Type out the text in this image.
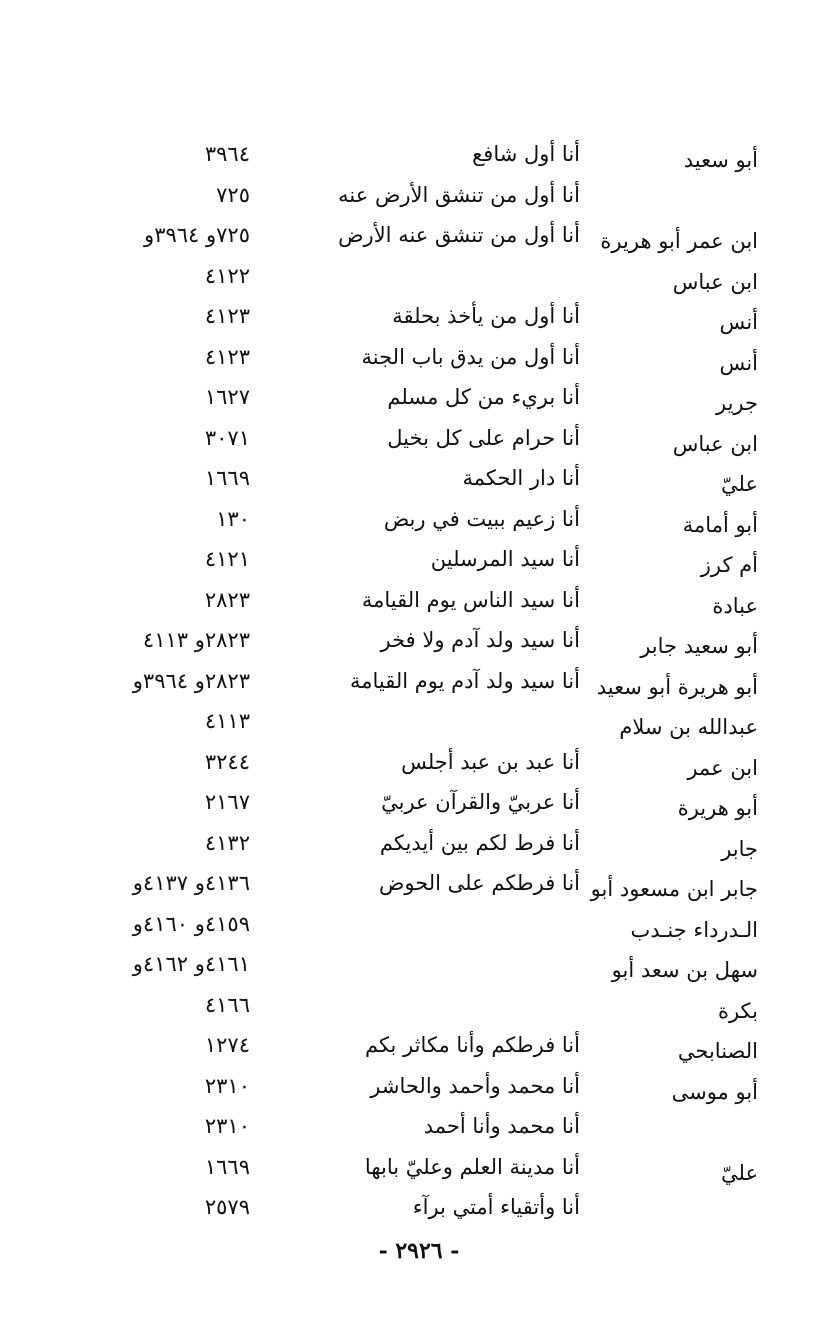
أبو سعيد
أنا أول شافع
٣٩٦٤
أنا أول من تنشق الأرض عنه
٧٢٥
ابن عمر أبو هريرة
أنا أول من تنشق عنه الأرض
٧٢٥و ٣٩٦٤و
ابن عباس
٤١٢٢
أنس
أنا أول من يأخذ بحلقة
٤١٢٣
أنس
أنا أول من يدق باب الجنة
٤١٢٣
جرير
أنا بريء من كل مسلم
١٦٢٧
ابن عباس
أنا حرام على كل بخيل
٣٠٧١
عليّ
أنا دار الحكمة
١٦٦٩
أبو أمامة
أنا زعيم ببيت في ربض
١٣٠
أم كرز
أنا سيد المرسلين
٤١٢١
عبادة
أنا سيد الناس يوم القيامة
٢٨٢٣
أبو سعيد جابر
أنا سيد ولد آدم ولا فخر
٢٨٢٣و ٤١١٣
أبو هريرة أبو سعيد
أنا سيد ولد آدم يوم القيامة
٢٨٢٣و ٣٩٦٤و
عبدالله بن سلام
٤١١٣
ابن عمر
أنا عبد بن عبد أجلس
٣٢٤٤
أبو هريرة
أنا عربيّ والقرآن عربيّ
٢١٦٧
جابر
أنا فرط لكم بين أيديكم
٤١٣٢
جابر ابن مسعود أبو
أنا فرطكم على الحوض
٤١٣٦و ٤١٣٧و
الـدرداء جنـدب
٤١٥٩و ٤١٦٠و
سهل بن سعد أبو
٤١٦١و ٤١٦٢و
بكرة
٤١٦٦
الصنابحي
أنا فرطكم وأنا مكاثر بكم
١٢٧٤
أبو موسى
أنا محمد وأحمد والحاشر
٢٣١٠
أنا محمد وأنا أحمد
٢٣١٠
عليّ
أنا مدينة العلم وعليّ بابها
١٦٦٩
أنا وأتقياء أمتي برآء
٢٥٧٩
- ٢٩٢٦ -
